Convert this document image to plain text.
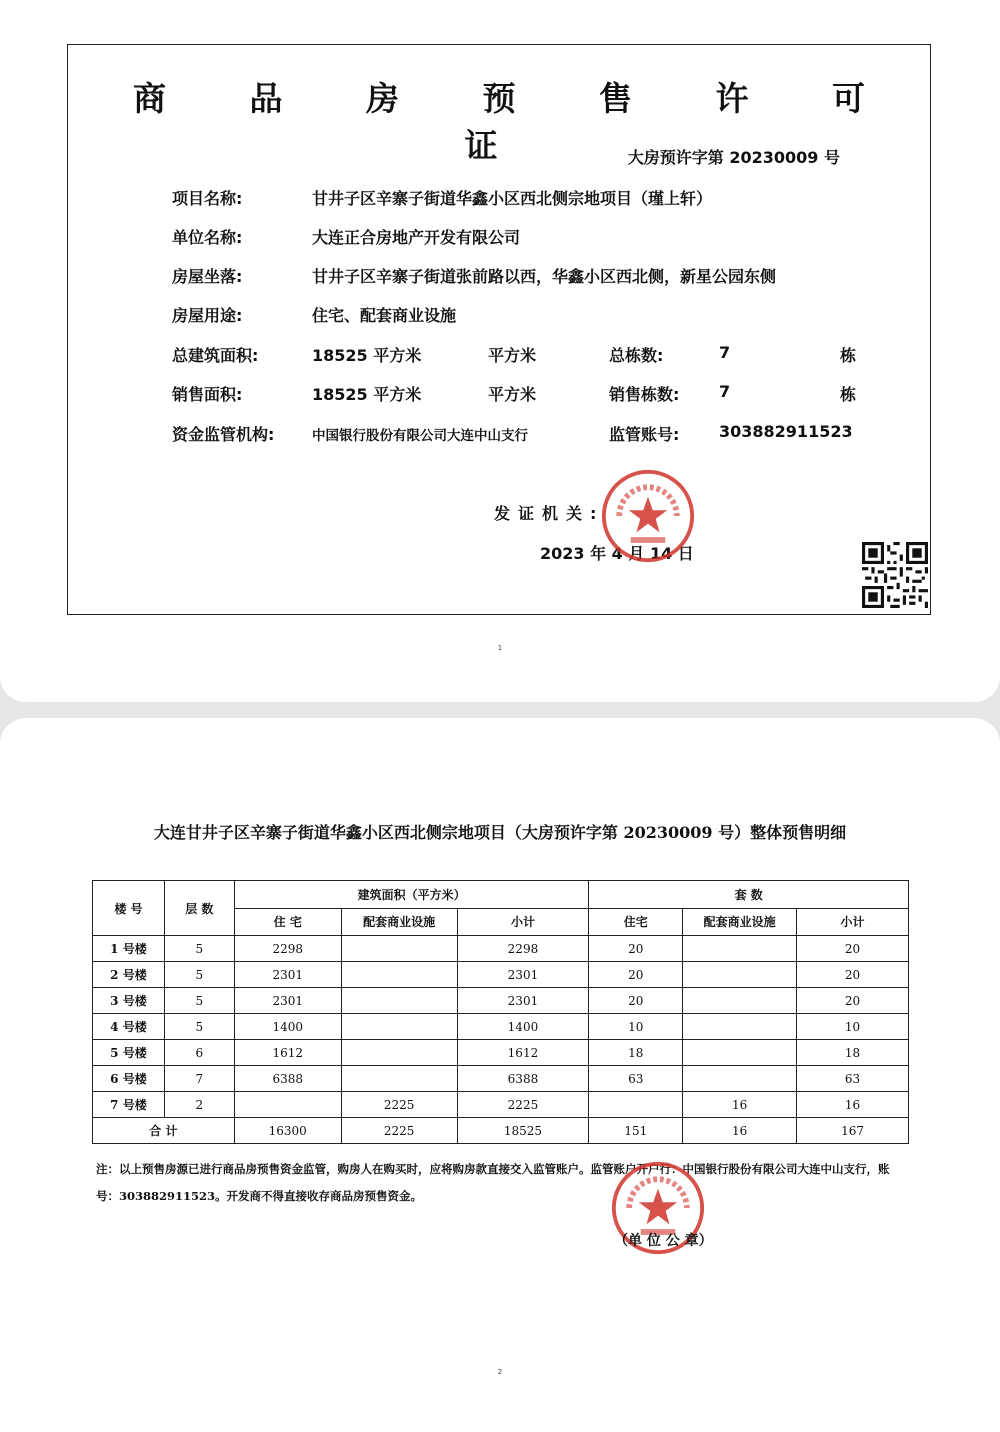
商 品 房 预 售 许 可 证	大房预许字第 20230009 号
项目名称:	甘井子区辛寨子街道华鑫小区西北侧宗地项目（瑾上轩）
单位名称:	大连正合房地产开发有限公司
房屋坐落:	甘井子区辛寨子街道张前路以西，华鑫小区西北侧，新星公园东侧
房屋用途:	住宅、配套商业设施
总建筑面积:	18525 平方米	平方米	总栋数:	7	栋
销售面积:	18525 平方米	平方米	销售栋数: 7	栋
资金监管机构:	中国银行股份有限公司大连中山支行	监管账号: 303882911523
发证机关:
2023 年 4 月 14 日
1
大连甘井子区辛寨子街道华鑫小区西北侧宗地项目（大房预许字第 20230009 号）整体预售明细
楼 号	层 数	建筑面积（平方米）			套 数		
		住 宅	配套商业设施	小计	住宅	配套商业设施	小计
1 号楼	5	2298		2298	20		20
2 号楼	5	2301		2301	20		20
3 号楼	5	2301		2301	20		20
4 号楼	5	1400		1400	10		10
5 号楼	6	1612		1612	18		18
6 号楼	7	6388		6388	63		63
7 号楼	2		2225	2225		16	16
合 计		16300	2225	18525	151	16	167
注：以上预售房源已进行商品房预售资金监管，购房人在购买时，应将购房款直接交入监管账户。监管账户开户行：中国银行股份有限公司大连中山支行，账号：303882911523。开发商不得直接收存商品房预售资金。
（单 位 公 章）
2
